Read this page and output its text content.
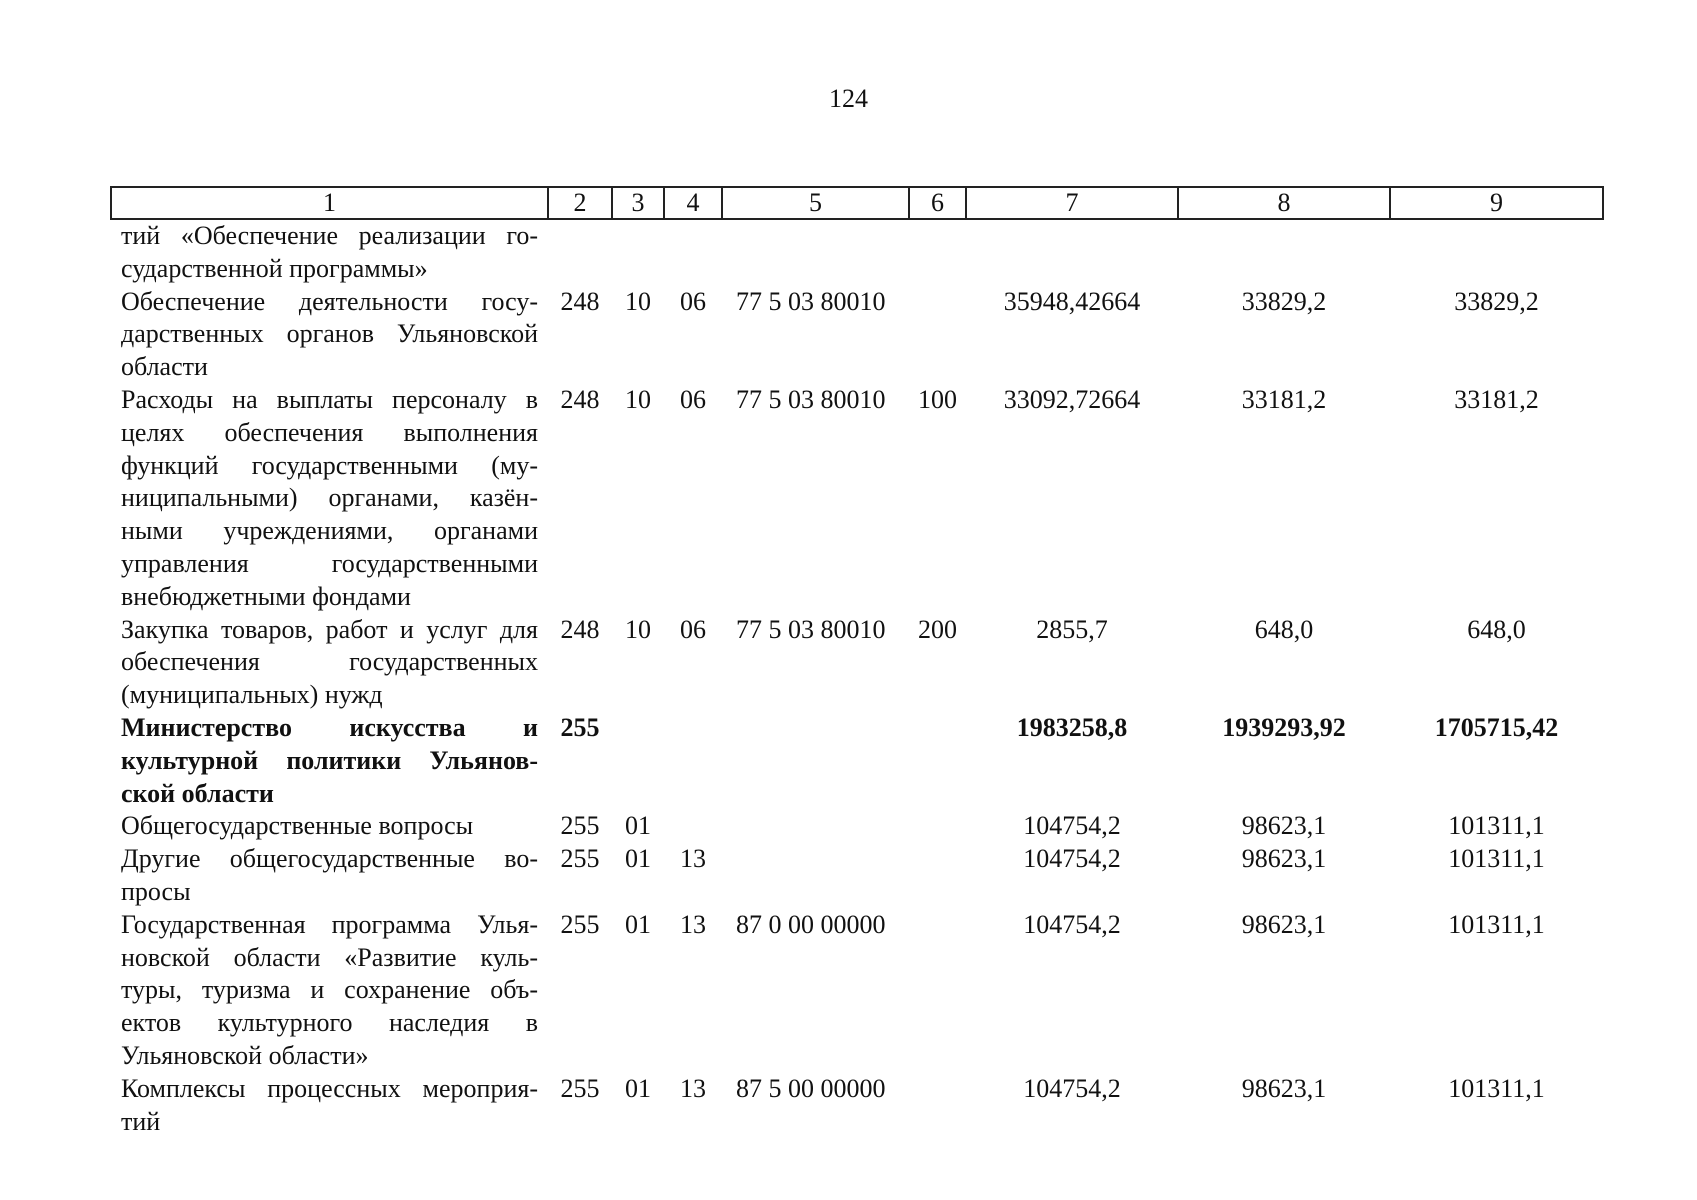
124
1	2	3	4	5	6	7	8	9
тий «Обеспечение реализации го-сударственной программы»								
Обеспечение деятельности госу-дарственных органов Ульяновской области	248	10	06	77 5 03 80010		35948,42664	33829,2	33829,2
Расходы на выплаты персоналу в целях обеспечения выполнения функций государственными (му-ниципальными) органами, казён-ными учреждениями, органами управления государственными внебюджетными фондами	248	10	06	77 5 03 80010	100	33092,72664	33181,2	33181,2
Закупка товаров, работ и услуг для обеспечения государственных (муниципальных) нужд	248	10	06	77 5 03 80010	200	2855,7	648,0	648,0
Министерство искусства и культурной политики Ульянов-ской области	255					1983258,8	1939293,92	1705715,42
Общегосударственные вопросы	255	01				104754,2	98623,1	101311,1
Другие общегосударственные во-просы	255	01	13			104754,2	98623,1	101311,1
Государственная программа Улья-новской области «Развитие куль-туры, туризма и сохранение объ-ектов культурного наследия в Ульяновской области»	255	01	13	87 0 00 00000		104754,2	98623,1	101311,1
Комплексы процессных мероприя-тий	255	01	13	87 5 00 00000		104754,2	98623,1	101311,1
